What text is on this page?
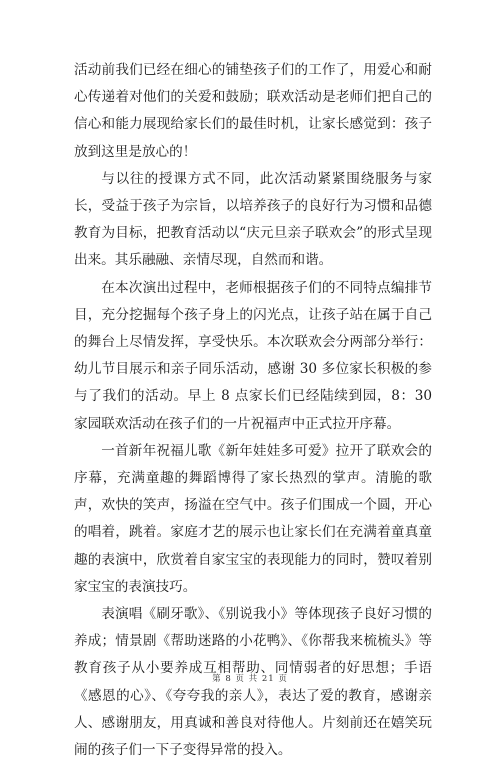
活动前我们已经在细心的铺垫孩子们的工作了，用爱心和耐心传递着对他们的关爱和鼓励；联欢活动是老师们把自己的信心和能力展现给家长们的最佳时机，让家长感觉到：孩子放到这里是放心的！

与以往的授课方式不同，此次活动紧紧围绕服务与家长，受益于孩子为宗旨，以培养孩子的良好行为习惯和品德教育为目标，把教育活动以“庆元旦亲子联欢会”的形式呈现出来。其乐融融、亲情尽现，自然而和谐。

在本次演出过程中，老师根据孩子们的不同特点编排节目，充分挖掘每个孩子身上的闪光点，让孩子站在属于自己的舞台上尽情发挥，享受快乐。本次联欢会分两部分举行：幼儿节目展示和亲子同乐活动，感谢 30 多位家长积极的参与了我们的活动。早上 8 点家长们已经陆续到园，8：30 家园联欢活动在孩子们的一片祝福声中正式拉开序幕。

一首新年祝福儿歌《新年娃娃多可爱》拉开了联欢会的序幕，充满童趣的舞蹈博得了家长热烈的掌声。清脆的歌声，欢快的笑声，扬溢在空气中。孩子们围成一个圆，开心的唱着，跳着。家庭才艺的展示也让家长们在充满着童真童趣的表演中，欣赏着自家宝宝的表现能力的同时，赞叹着别家宝宝的表演技巧。

表演唱《刷牙歌》、《别说我小》等体现孩子良好习惯的养成；情景剧《帮助迷路的小花鸭》、《你帮我来梳梳头》等教育孩子从小要养成互相帮助、同情弱者的好思想；手语《感恩的心》、《夸夸我的亲人》，表达了爱的教育，感谢亲人、感谢朋友，用真诚和善良对待他人。片刻前还在嬉笑玩闹的孩子们一下子变得异常的投入。

第 8 页 共 21 页
